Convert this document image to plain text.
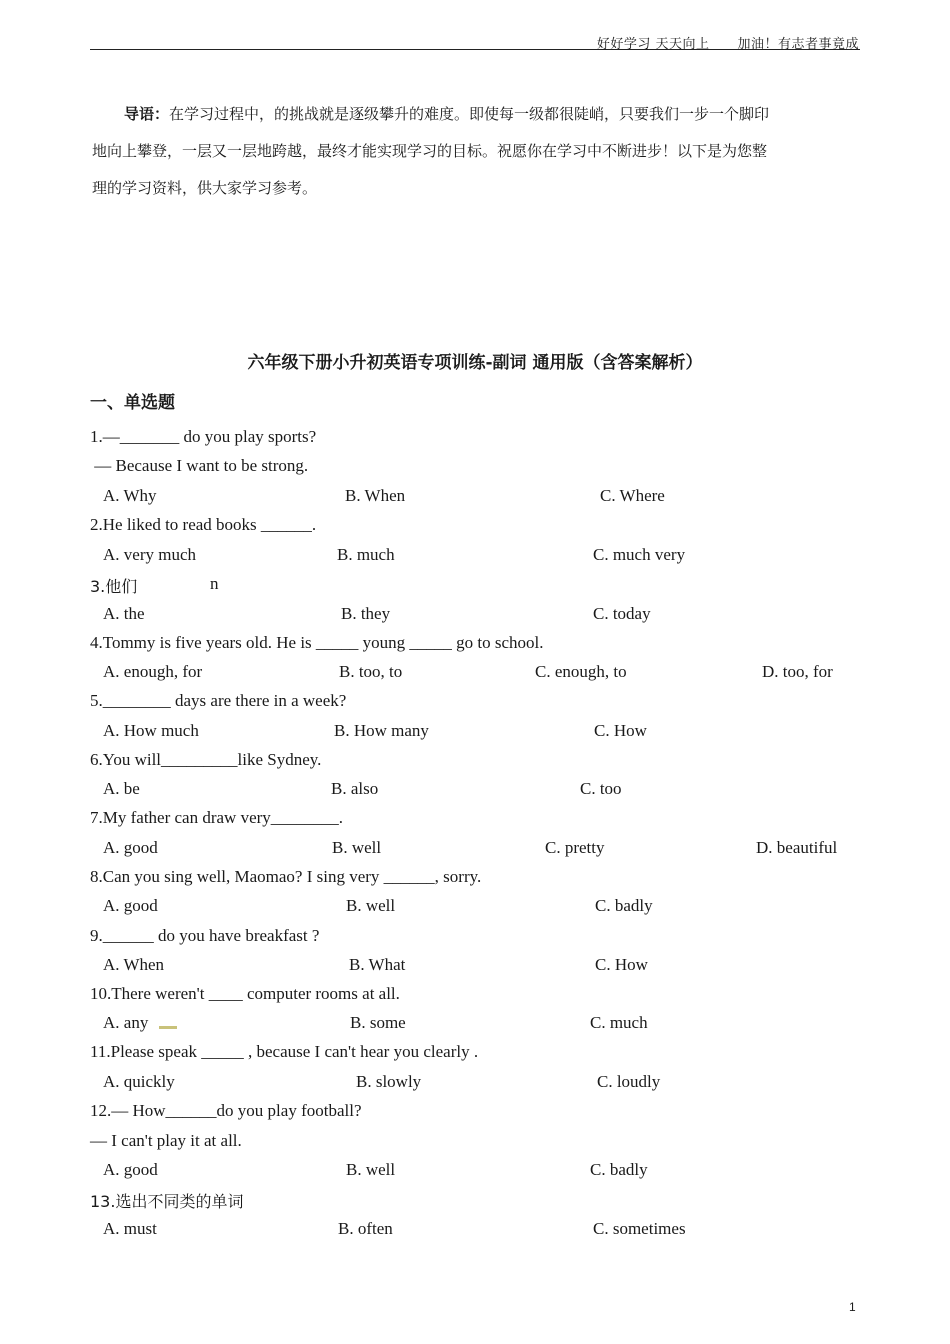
好好学习 天天向上 加油！有志者事竟成
导语：在学习过程中，的挑战就是逐级攀升的难度。即使每一级都很陡峭，只要我们一步一个脚印
地向上攀登，一层又一层地跨越，最终才能实现学习的目标。祝愿你在学习中不断进步！以下是为您整
理的学习资料，供大家学习参考。
六年级下册小升初英语专项训练-副词 通用版（含答案解析）
一、单选题
1.—_______ do you play sports?
— Because I want to be strong.
A. Why	B. When	C. Where
2.He liked to read books ______.
A. very much	B. much	C. much very
3.他们	n
A. the	B. they	C. today
4.Tommy is five years old. He is _____ young _____ go to school.
A. enough, for	B. too, to	C. enough, to	D. too, for
5.________ days are there in a week?
A. How much	B. How many	C. How
6.You will_________like Sydney.
A. be	B. also	C. too
7.My father can draw very________.
A. good	B. well	C. pretty	D. beautiful
8.Can you sing well, Maomao? I sing very ______, sorry.
A. good	B. well	C. badly
9.______ do you have breakfast ?
A. When	B. What	C. How
10.There weren't ____ computer rooms at all.
A. any	B. some	C. much
11.Please speak _____ , because I can't hear you clearly .
A. quickly	B. slowly	C. loudly
12.— How______do you play football?
— I can't play it at all.
A. good	B. well	C. badly
13.选出不同类的单词
A. must	B. often	C. sometimes
1
